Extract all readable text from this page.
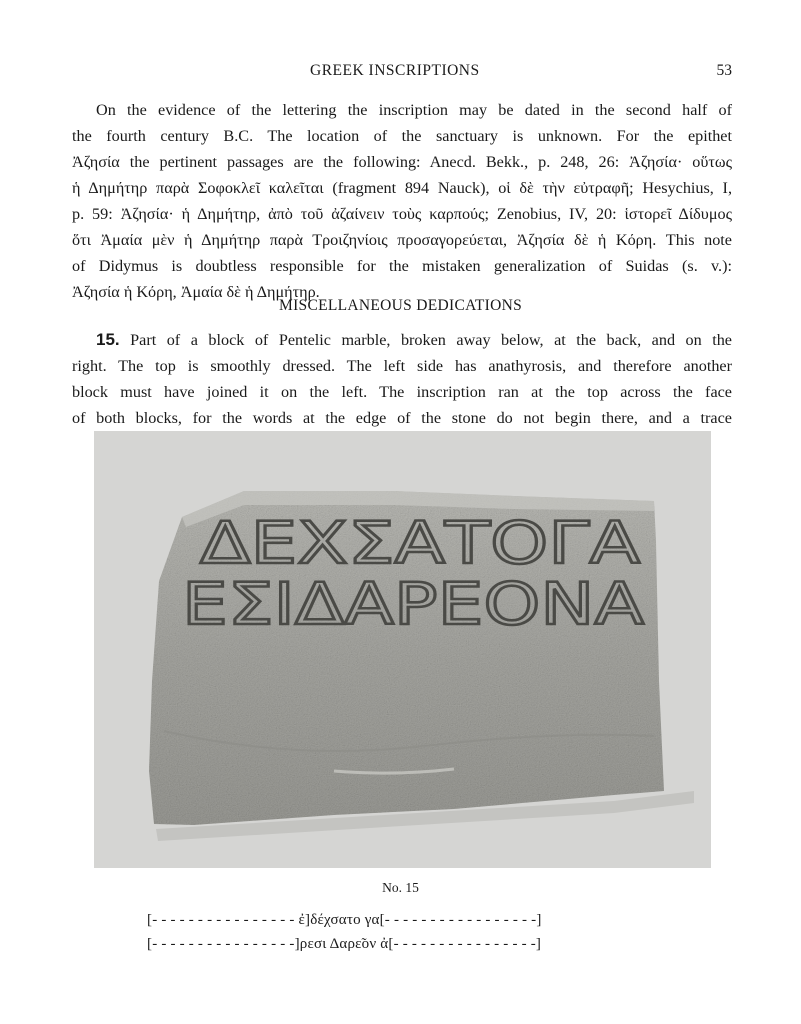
GREEK INSCRIPTIONS	53
On the evidence of the lettering the inscription may be dated in the second half of
the fourth century B.C. The location of the sanctuary is unknown. For the epithet
Ἀζησία the pertinent passages are the following: Anecd. Bekk., p. 248, 26: Ἀζησία· οὕτως
ἡ Δημήτηρ παρὰ Σοφοκλεῖ καλεῖται (fragment 894 Nauck), οἱ δὲ τὴν εὐτραφῆ; Hesychius, I,
p. 59: Ἀζησία· ἡ Δημήτηρ, ἀπὸ τοῦ ἀζαίνειν τοὺς καρπούς; Zenobius, IV, 20: ἱστορεῖ Δίδυμος
ὅτι Ἀμαία μὲν ἡ Δημήτηρ παρὰ Τροιζηνίοις προσαγορεύεται, Ἀζησία δὲ ἡ Κόρη. This note
of Didymus is doubtless responsible for the mistaken generalization of Suidas (s. v.):
Ἀζησία ἡ Κόρη, Ἀμαία δὲ ἡ Δημήτηρ.
MISCELLANEOUS DEDICATIONS
15. Part of a block of Pentelic marble, broken away below, at the back, and on the
right. The top is smoothly dressed. The left side has anathyrosis, and therefore another
block must have joined it on the left. The inscription ran at the top across the face
of both blocks, for the words at the edge of the stone do not begin there, and a trace
ΔΕΧΣΑΤΟΓΑ
ΕΣΙΔΑΡΕΟΝΑ
No. 15
[- - - - - - - - - - - - - - - - ἐ]δέχσατο γα[- - - - - - - - - - - - - - - - -]
[- - - - - - - - - - - - - - - -]ρεσι Δαρε̃ον ἀ[- - - - - - - - - - - - - - - -]
